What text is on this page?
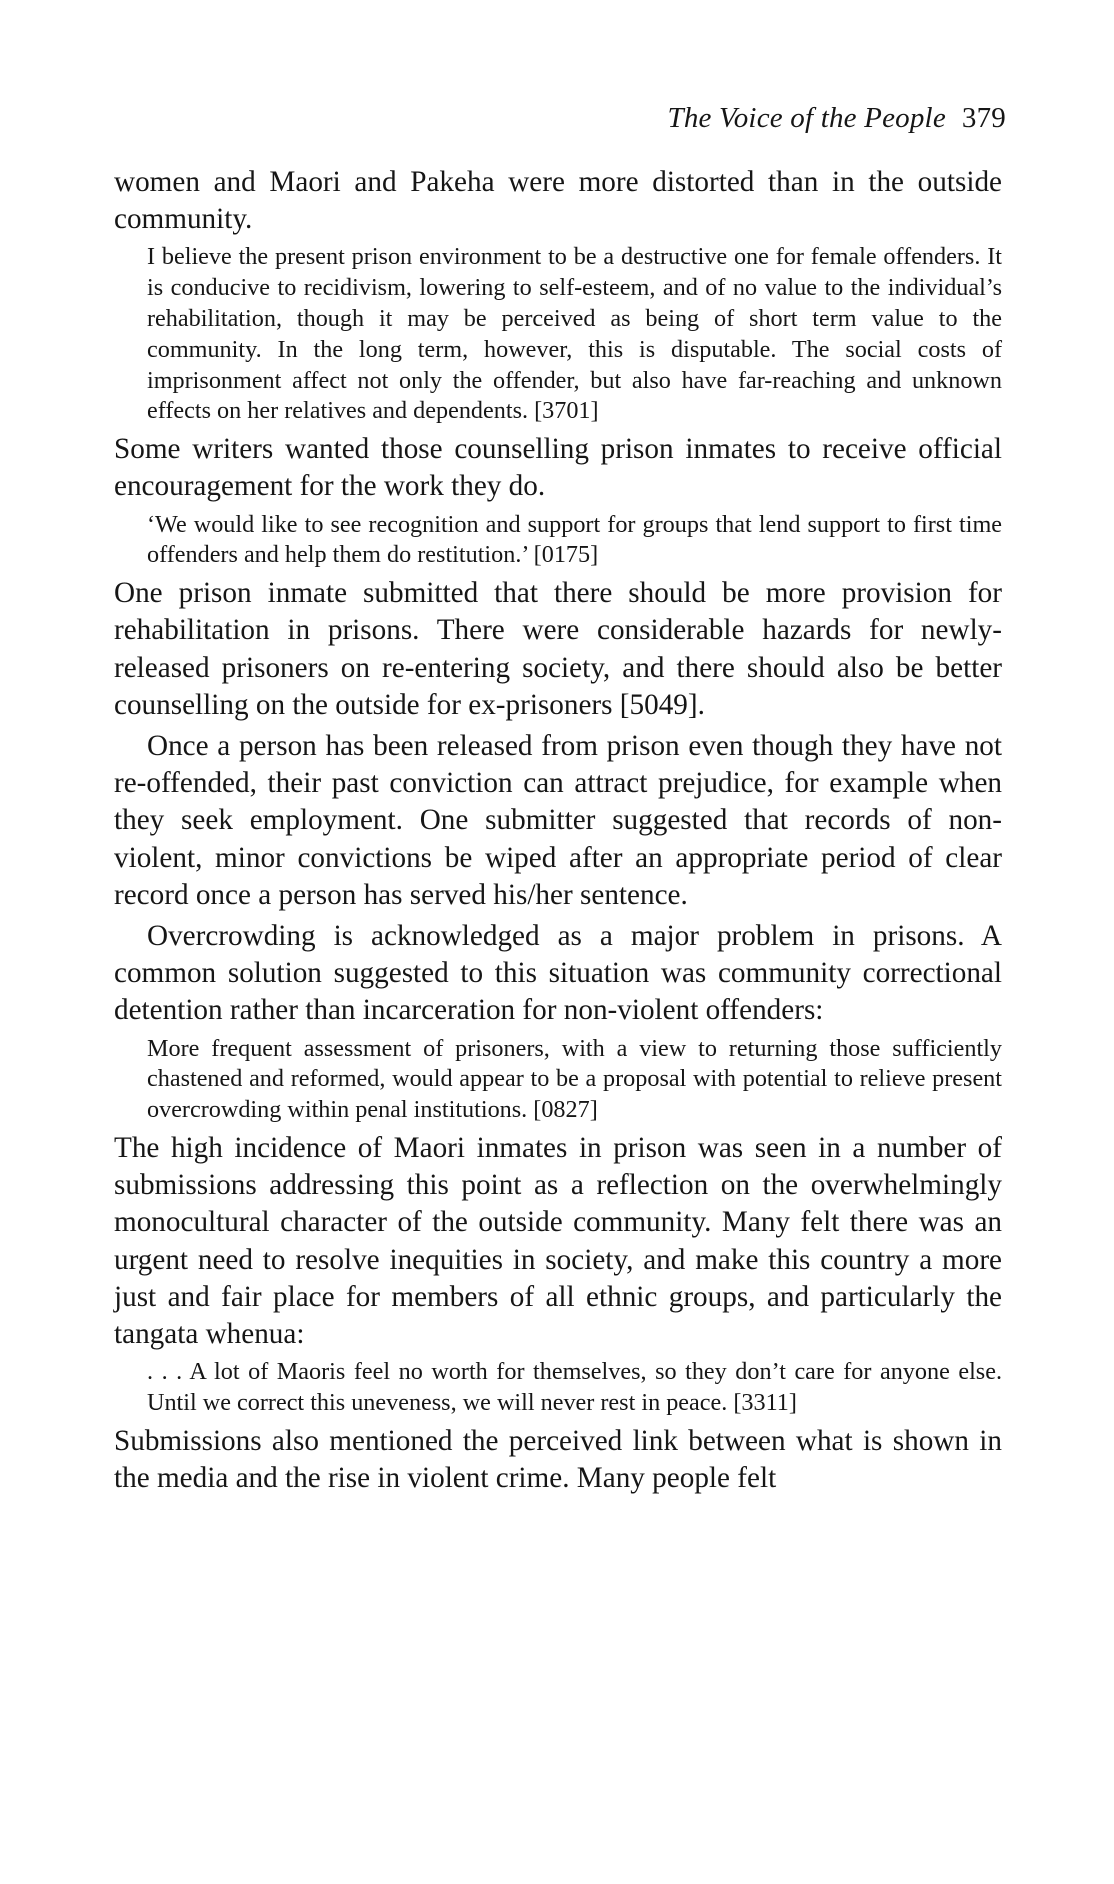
The Voice of the People 379

women and Maori and Pakeha were more distorted than in the outside community.

I believe the present prison environment to be a destructive one for female offenders. It is conducive to recidivism, lowering to self-esteem, and of no value to the individual’s rehabilitation, though it may be perceived as being of short term value to the community. In the long term, however, this is disputable. The social costs of imprisonment affect not only the offender, but also have far-reaching and unknown effects on her relatives and dependents. [3701]

Some writers wanted those counselling prison inmates to receive official encouragement for the work they do.

‘We would like to see recognition and support for groups that lend support to first time offenders and help them do restitution.’ [0175]

One prison inmate submitted that there should be more provision for rehabilitation in prisons. There were considerable hazards for newly-released prisoners on re-entering society, and there should also be better counselling on the outside for ex-prisoners [5049].

Once a person has been released from prison even though they have not re-offended, their past conviction can attract prejudice, for example when they seek employment. One submitter suggested that records of non-violent, minor convictions be wiped after an appropriate period of clear record once a person has served his/her sentence.

Overcrowding is acknowledged as a major problem in prisons. A common solution suggested to this situation was community correctional detention rather than incarceration for non-violent offenders:

More frequent assessment of prisoners, with a view to returning those sufficiently chastened and reformed, would appear to be a proposal with potential to relieve present overcrowding within penal institutions. [0827]

The high incidence of Maori inmates in prison was seen in a number of submissions addressing this point as a reflection on the overwhelmingly monocultural character of the outside community. Many felt there was an urgent need to resolve inequities in society, and make this country a more just and fair place for members of all ethnic groups, and particularly the tangata whenua:

. . . A lot of Maoris feel no worth for themselves, so they don’t care for anyone else. Until we correct this uneveness, we will never rest in peace. [3311]

Submissions also mentioned the perceived link between what is shown in the media and the rise in violent crime. Many people felt
